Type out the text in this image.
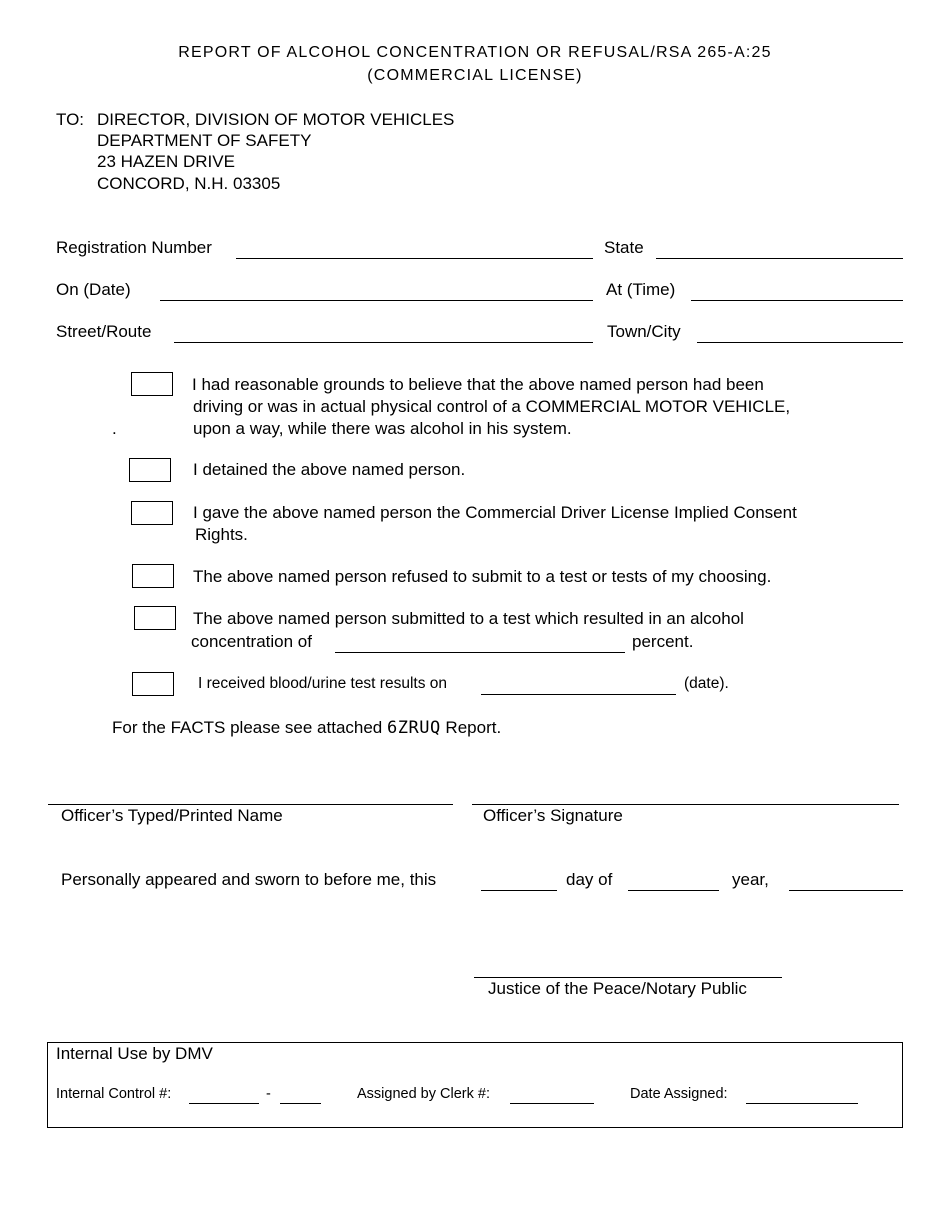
REPORT OF ALCOHOL CONCENTRATION OR REFUSAL/RSA 265-A:25
(COMMERCIAL LICENSE)
TO: DIRECTOR, DIVISION OF MOTOR VEHICLES
DEPARTMENT OF SAFETY
23 HAZEN DRIVE
CONCORD, N.H. 03305
Registration Number	State
On (Date)	At (Time)
Street/Route	Town/City
I had reasonable grounds to believe that the above named person had been
driving or was in actual physical control of a COMMERCIAL MOTOR VEHICLE,
.	upon a way, while there was alcohol in his system.
I detained the above named person.
I gave the above named person the Commercial Driver License Implied Consent
Rights.
The above named person refused to submit to a test or tests of my choosing.
The above named person submitted to a test which resulted in an alcohol
concentration of	percent.
I received blood/urine test results on	(date).
For the FACTS please see attached 6ZRUQ Report.
Officer’s Typed/Printed Name	Officer’s Signature
Personally appeared and sworn to before me, this	day of	year,
Justice of the Peace/Notary Public
Internal Use by DMV
Internal Control #:	-	Assigned by Clerk #:	Date Assigned:
